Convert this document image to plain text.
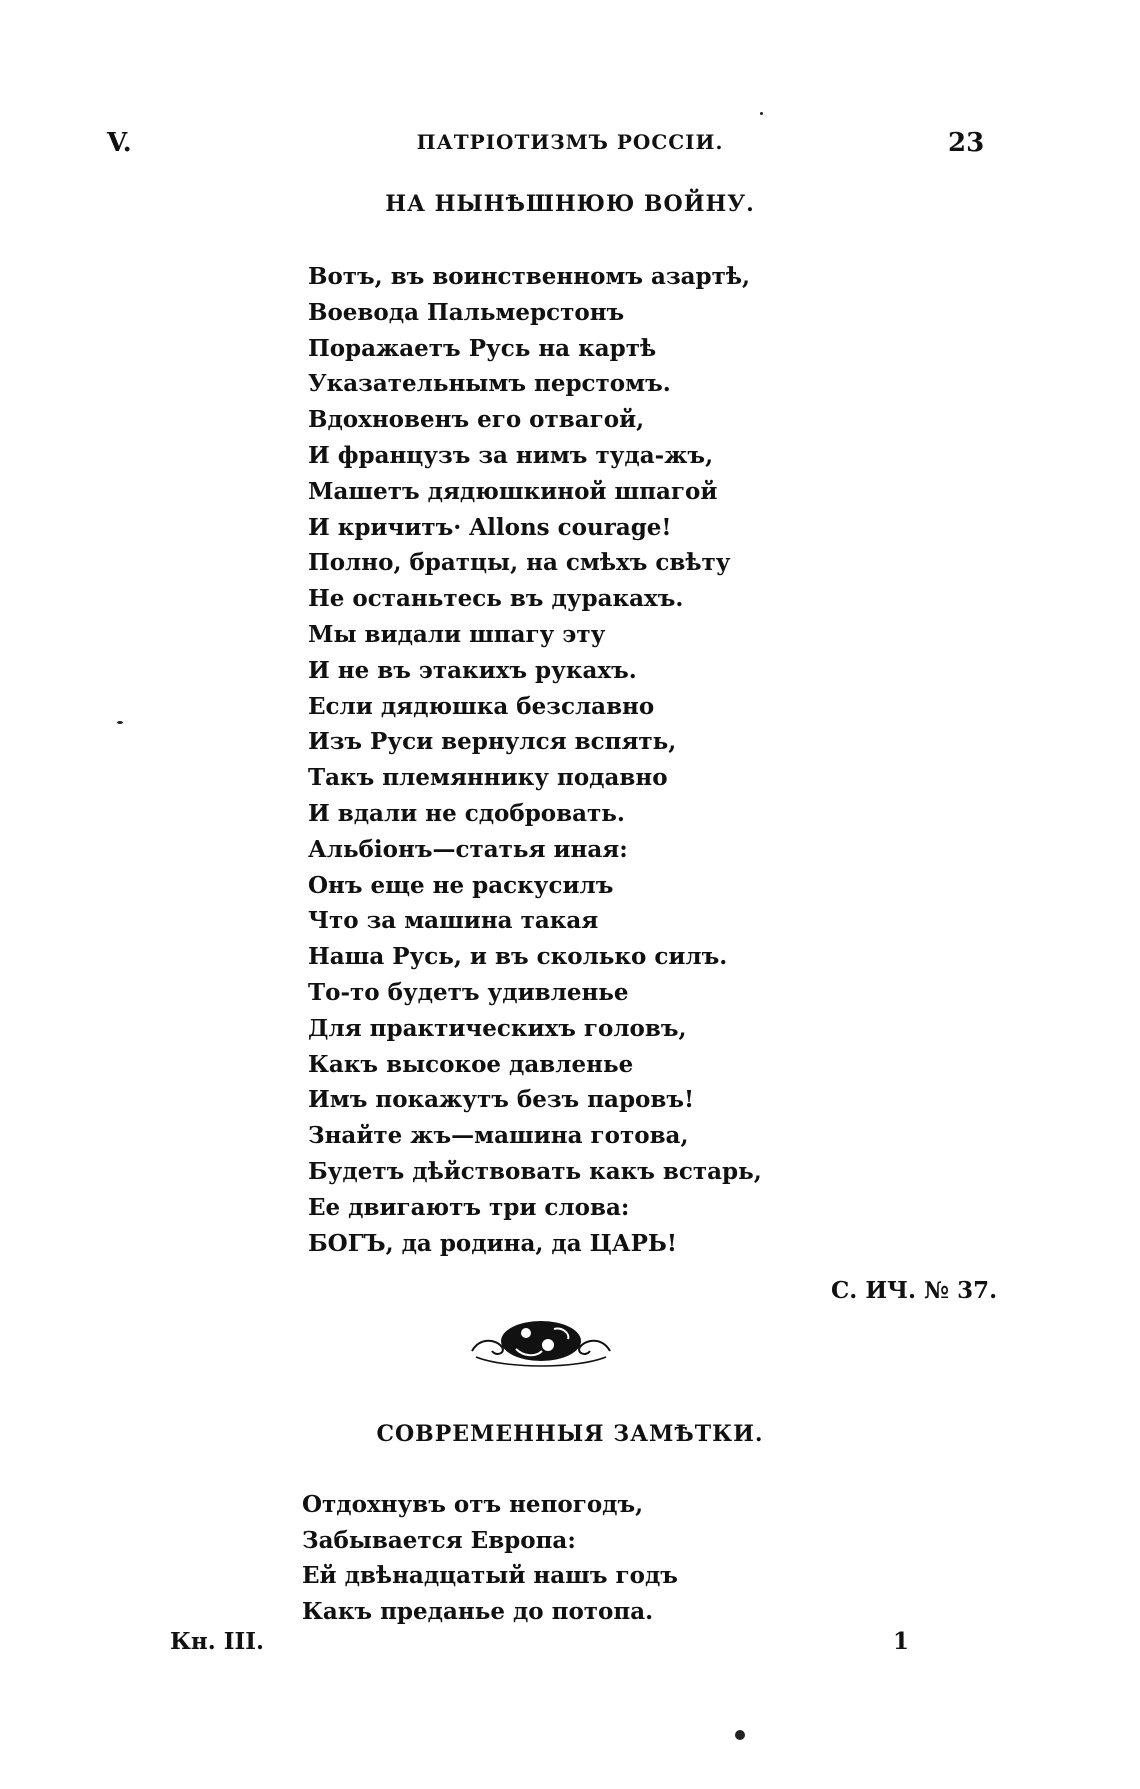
V.	ПАТРІОТИЗМЪ РОССІИ.	23
НА НЫНѢШНЮЮ ВОЙНУ.
Вотъ, въ воинственномъ азартѣ,
Воевода Пальмерстонъ
Поражаетъ Русь на картѣ
Указательнымъ перстомъ.
Вдохновенъ его отвагой,
И французъ за нимъ туда-жъ,
Машетъ дядюшкиной шпагой
И кричитъ· Allons courage!
Полно, братцы, на смѣхъ свѣту
Не останьтесь въ дуракахъ.
Мы видали шпагу эту
И не въ этакихъ рукахъ.
Если дядюшка безславно
Изъ Руси вернулся вспять,
Такъ племяннику подавно
И вдали не сдобровать.
Альбіонъ—статья иная:
Онъ еще не раскусилъ
Что за машина такая
Наша Русь, и въ сколько силъ.
То-то будетъ удивленье
Для практическихъ головъ,
Какъ высокое давленье
Имъ покажутъ безъ паровъ!
Знайте жъ—машина готова,
Будетъ дѣйствовать какъ встарь,
Ее двигаютъ три слова:
БОГЪ, да родина, да ЦАРЬ!
С. ИЧ. № 37.
СОВРЕМЕННЫЯ ЗАМѢТКИ.
Отдохнувъ отъ непогодъ,
Забывается Европа:
Ей двѣнадцатый нашъ годъ
Какъ преданье до потопа.
Кн. III.	1
